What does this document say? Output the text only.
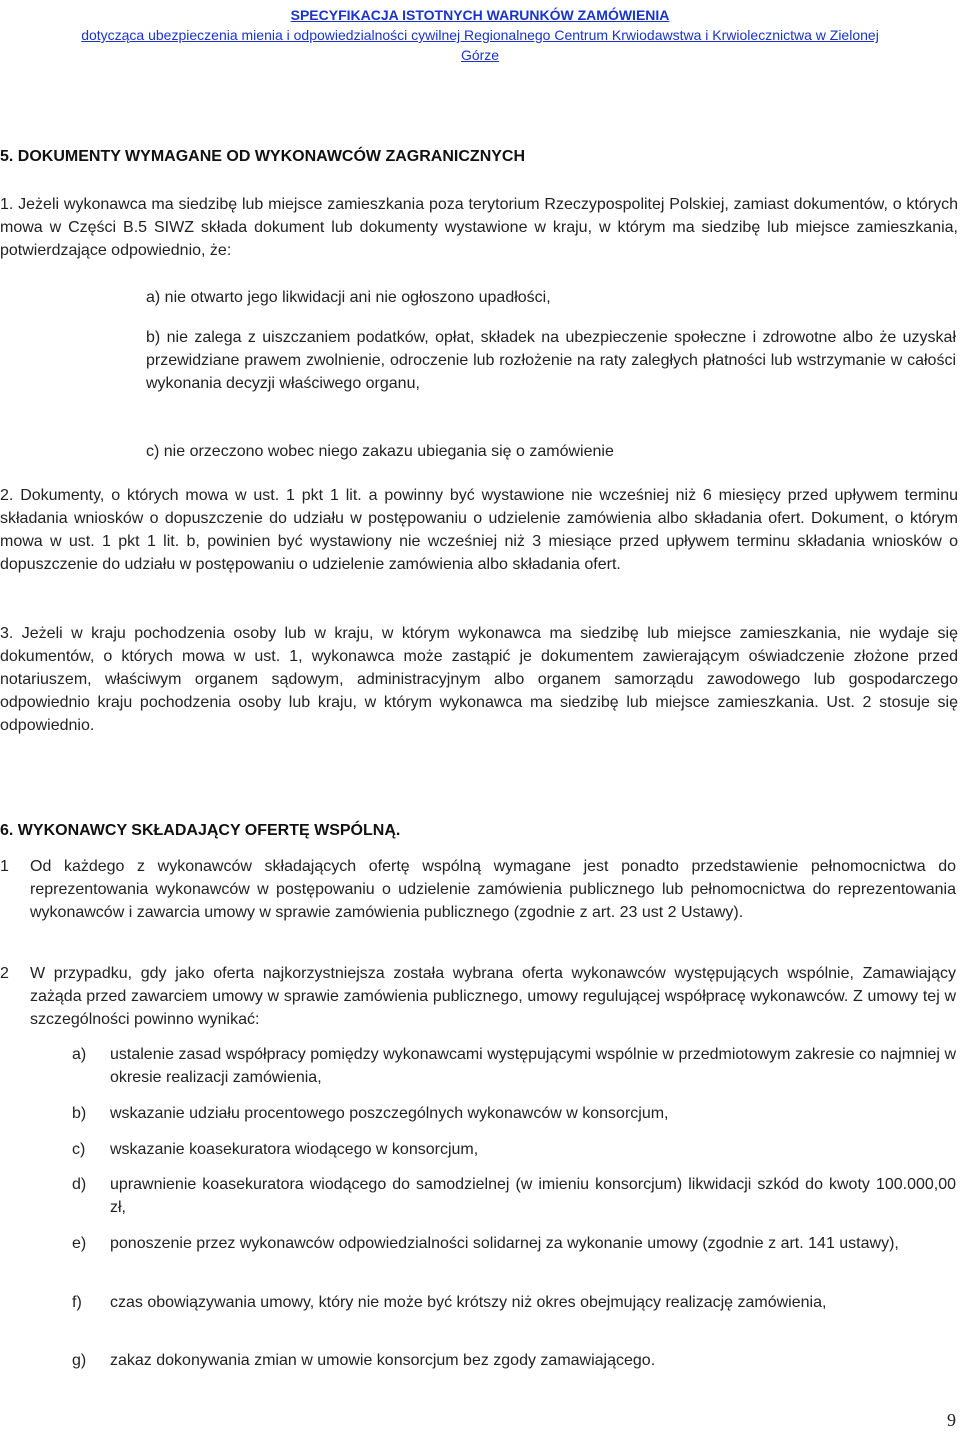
SPECYFIKACJA ISTOTNYCH WARUNKÓW ZAMÓWIENIA
dotycząca ubezpieczenia mienia i odpowiedzialności cywilnej Regionalnego Centrum Krwiodawstwa i Krwiolecznictwa w Zielonej
Górze
5. DOKUMENTY WYMAGANE OD WYKONAWCÓW ZAGRANICZNYCH

1. Jeżeli wykonawca ma siedzibę lub miejsce zamieszkania poza terytorium Rzeczypospolitej Polskiej, zamiast dokumentów, o których mowa w Części B.5 SIWZ składa dokument lub dokumenty wystawione w kraju, w którym ma siedzibę lub miejsce zamieszkania, potwierdzające odpowiednio, że:

a) nie otwarto jego likwidacji ani nie ogłoszono upadłości,

b) nie zalega z uiszczaniem podatków, opłat, składek na ubezpieczenie społeczne i zdrowotne albo że uzyskał przewidziane prawem zwolnienie, odroczenie lub rozłożenie na raty zaległych płatności lub wstrzymanie w całości wykonania decyzji właściwego organu,

c) nie orzeczono wobec niego zakazu ubiegania się o zamówienie

2. Dokumenty, o których mowa w ust. 1 pkt 1 lit. a powinny być wystawione nie wcześniej niż 6 miesięcy przed upływem terminu składania wniosków o dopuszczenie do udziału w postępowaniu o udzielenie zamówienia albo składania ofert. Dokument, o którym mowa w ust. 1 pkt 1 lit. b, powinien być wystawiony nie wcześniej niż 3 miesiące przed upływem terminu składania wniosków o dopuszczenie do udziału w postępowaniu o udzielenie zamówienia albo składania ofert.

3. Jeżeli w kraju pochodzenia osoby lub w kraju, w którym wykonawca ma siedzibę lub miejsce zamieszkania, nie wydaje się dokumentów, o których mowa w ust. 1, wykonawca może zastąpić je dokumentem zawierającym oświadczenie złożone przed notariuszem, właściwym organem sądowym, administracyjnym albo organem samorządu zawodowego lub gospodarczego odpowiednio kraju pochodzenia osoby lub kraju, w którym wykonawca ma siedzibę lub miejsce zamieszkania. Ust. 2 stosuje się odpowiednio.

6. WYKONAWCY SKŁADAJĄCY OFERTĘ WSPÓLNĄ.
1 Od każdego z wykonawców składających ofertę wspólną wymagane jest ponadto przedstawienie pełnomocnictwa do reprezentowania wykonawców w postępowaniu o udzielenie zamówienia publicznego lub pełnomocnictwa do reprezentowania wykonawców i zawarcia umowy w sprawie zamówienia publicznego (zgodnie z art. 23 ust 2 Ustawy).

2 W przypadku, gdy jako oferta najkorzystniejsza została wybrana oferta wykonawców występujących wspólnie, Zamawiający zażąda przed zawarciem umowy w sprawie zamówienia publicznego, umowy regulującej współpracę wykonawców. Z umowy tej w szczególności powinno wynikać:

a) ustalenie zasad współpracy pomiędzy wykonawcami występującymi wspólnie w przedmiotowym zakresie co najmniej w okresie realizacji zamówienia,

b) wskazanie udziału procentowego poszczególnych wykonawców w konsorcjum,

c) wskazanie koasekuratora wiodącego w konsorcjum,

d) uprawnienie koasekuratora wiodącego do samodzielnej (w imieniu konsorcjum) likwidacji szkód do kwoty 100.000,00 zł,

e) ponoszenie przez wykonawców odpowiedzialności solidarnej za wykonanie umowy (zgodnie z art. 141 ustawy),

f) czas obowiązywania umowy, który nie może być krótszy niż okres obejmujący realizację zamówienia,

g) zakaz dokonywania zmian w umowie konsorcjum bez zgody zamawiającego.

9
